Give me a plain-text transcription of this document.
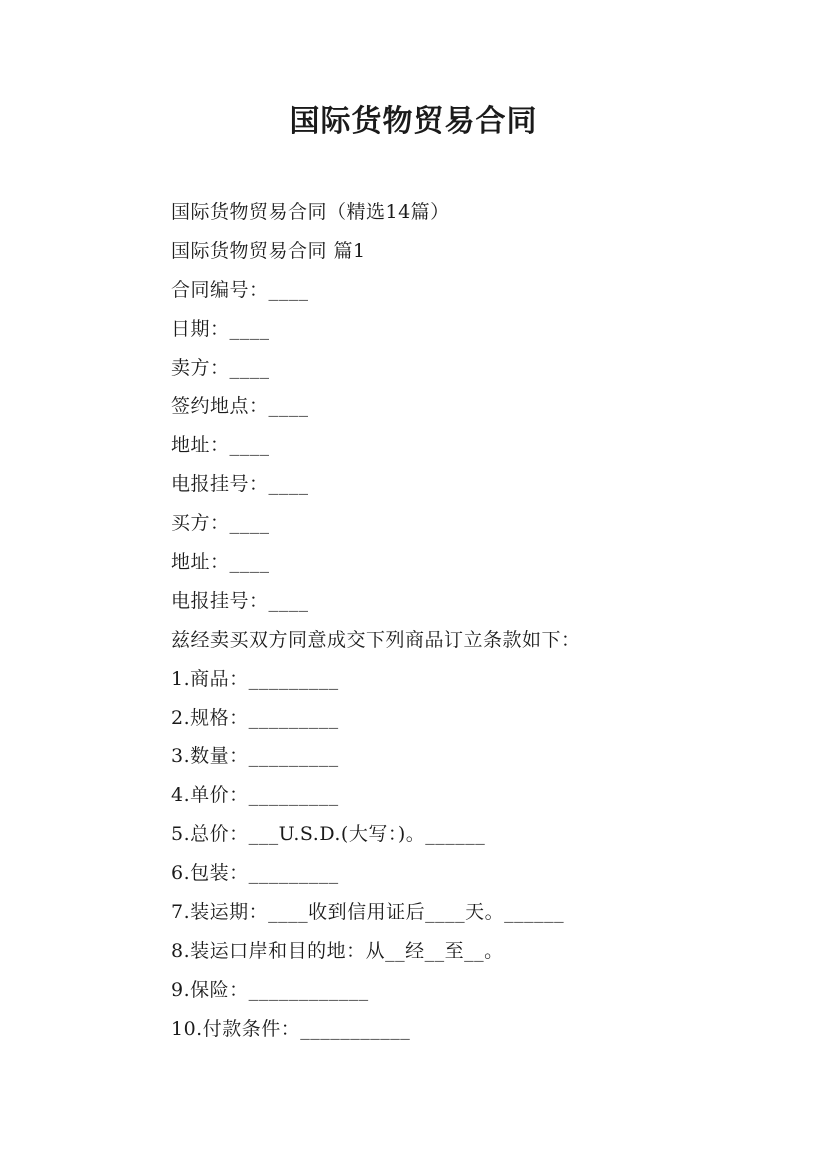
国际货物贸易合同
国际货物贸易合同（精选14篇）
国际货物贸易合同 篇1
合同编号：____
日期：____
卖方：____
签约地点：____
地址：____
电报挂号：____
买方：____
地址：____
电报挂号：____
兹经卖买双方同意成交下列商品订立条款如下：
1.商品：_________
2.规格：_________
3.数量：_________
4.单价：_________
5.总价：___U.S.D.(大写：)。______
6.包装：_________
7.装运期：____收到信用证后____天。______
8.装运口岸和目的地：从__经__至__。
9.保险：____________
10.付款条件：___________
